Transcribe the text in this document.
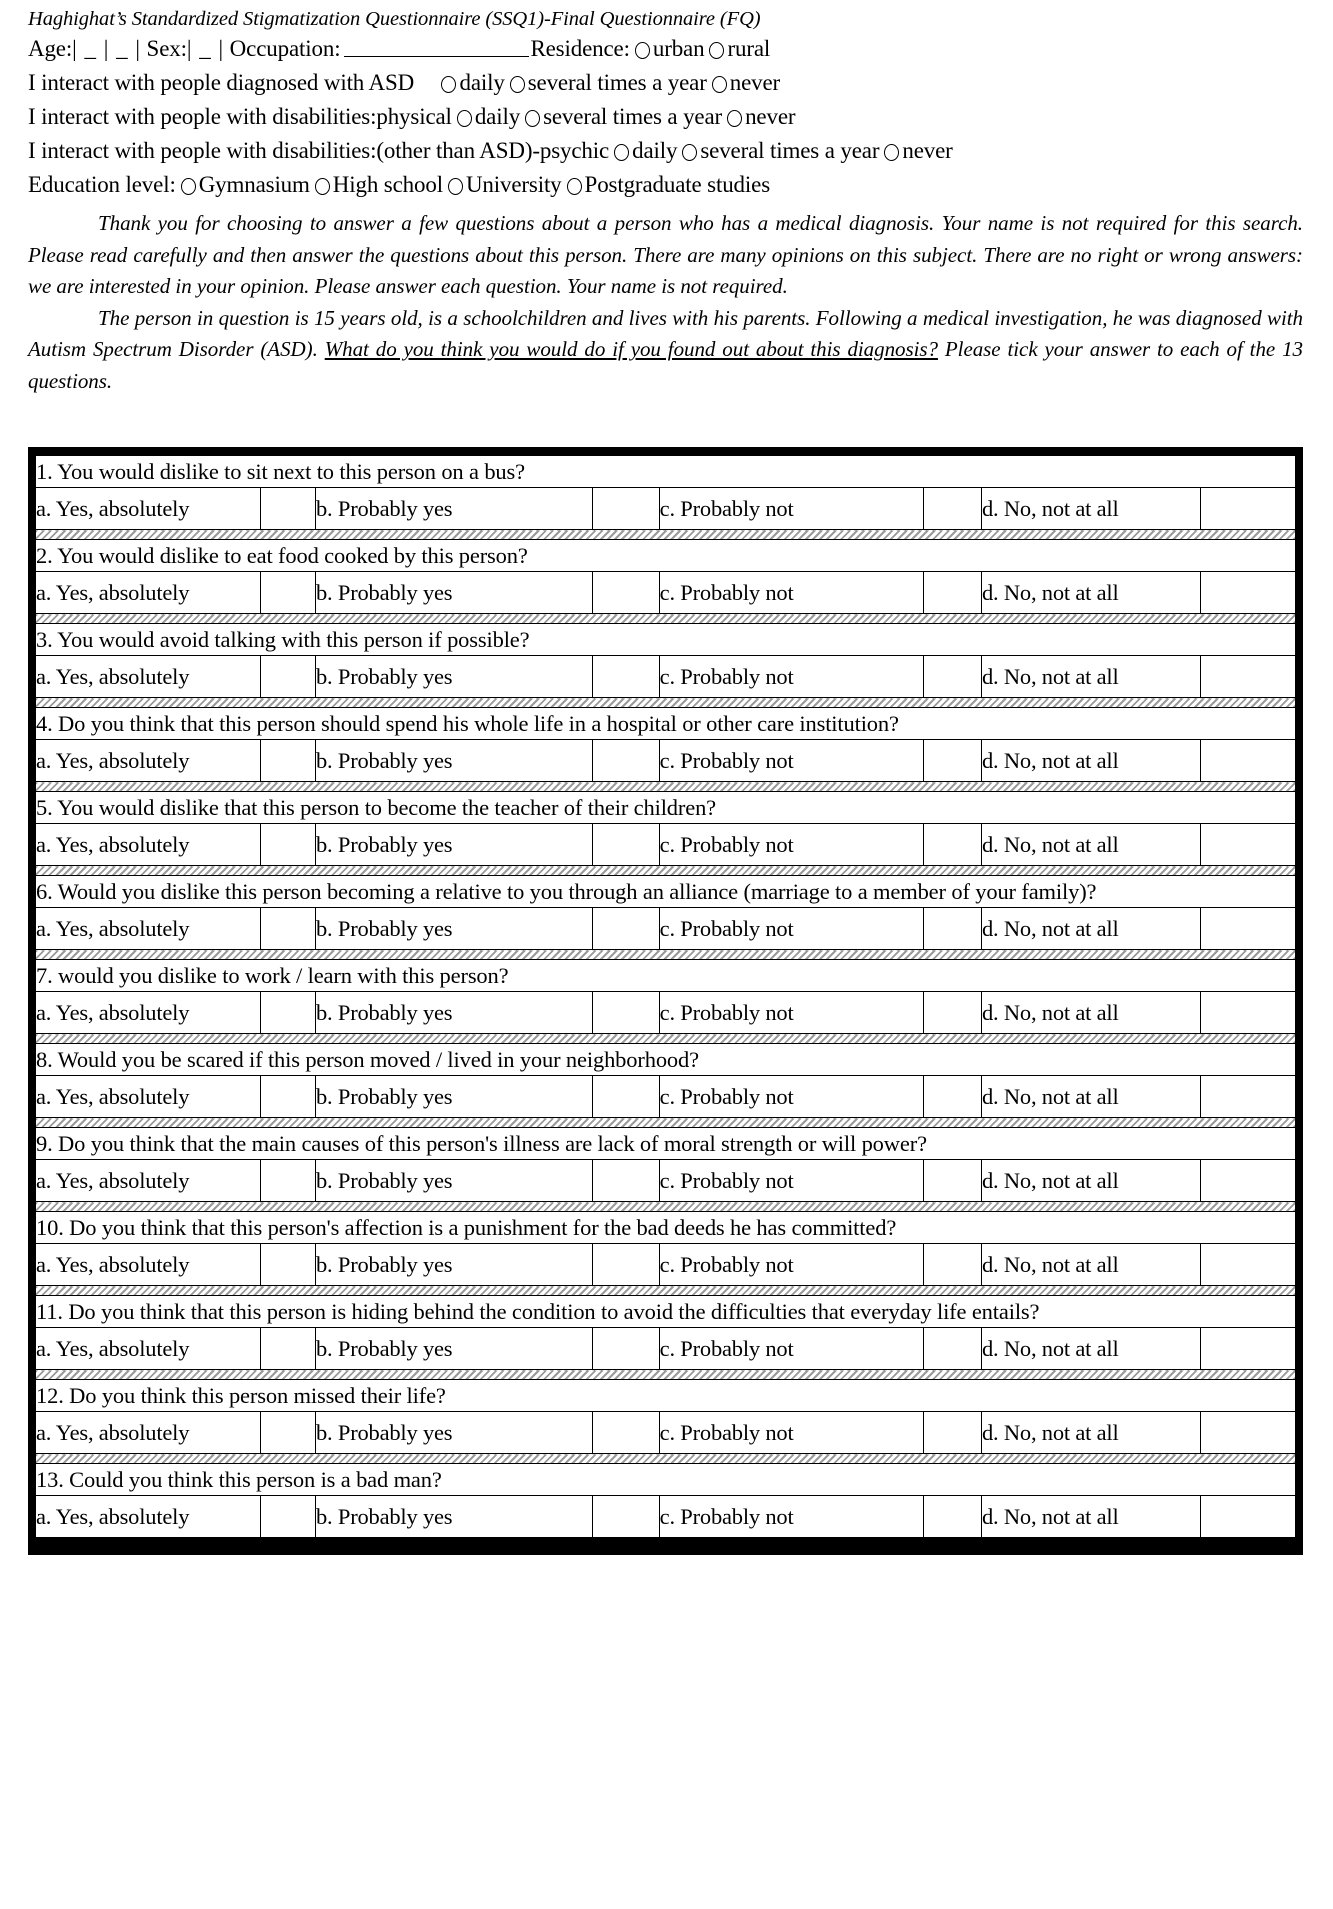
Haghighat’s Standardized Stigmatization Questionnaire (SSQ1)-Final Questionnaire (FQ)
Age:| _ | _ | Sex:| _ | Occupation:	Residence: urban rural
I interact with people diagnosed with ASD daily several times a year never
I interact with people with disabilities:physical daily several times a year never
I interact with people with disabilities:(other than ASD)-psychic daily several times a year never
Education level: Gymnasium High school University Postgraduate studies

Thank you for choosing to answer a few questions about a person who has a medical diagnosis. Your name is not required for this search. Please read carefully and then answer the questions about this person. There are many opinions on this subject. There are no right or wrong answers: we are interested in your opinion. Please answer each question. Your name is not required.

The person in question is 15 years old, is a schoolchildren and lives with his parents. Following a medical investigation, he was diagnosed with Autism Spectrum Disorder (ASD). What do you think you would do if you found out about this diagnosis? Please tick your answer to each of the 13 questions.

1. You would dislike to sit next to this person on a bus?							
a. Yes, absolutely		b. Probably yes		c. Probably not		d. No, not at all	

2. You would dislike to eat food cooked by this person?							
a. Yes, absolutely		b. Probably yes		c. Probably not		d. No, not at all	

3. You would avoid talking with this person if possible?							
a. Yes, absolutely		b. Probably yes		c. Probably not		d. No, not at all	

4. Do you think that this person should spend his whole life in a hospital or other care institution?							
a. Yes, absolutely		b. Probably yes		c. Probably not		d. No, not at all	

5. You would dislike that this person to become the teacher of their children?							
a. Yes, absolutely		b. Probably yes		c. Probably not		d. No, not at all	

6. Would you dislike this person becoming a relative to you through an alliance (marriage to a member of your family)?							
a. Yes, absolutely		b. Probably yes		c. Probably not		d. No, not at all	

7. would you dislike to work / learn with this person?							
a. Yes, absolutely		b. Probably yes		c. Probably not		d. No, not at all	

8. Would you be scared if this person moved / lived in your neighborhood?							
a. Yes, absolutely		b. Probably yes		c. Probably not		d. No, not at all	

9. Do you think that the main causes of this person's illness are lack of moral strength or will power?							
a. Yes, absolutely		b. Probably yes		c. Probably not		d. No, not at all	

10. Do you think that this person's affection is a punishment for the bad deeds he has committed?							
a. Yes, absolutely		b. Probably yes		c. Probably not		d. No, not at all	

11. Do you think that this person is hiding behind the condition to avoid the difficulties that everyday life entails?							
a. Yes, absolutely		b. Probably yes		c. Probably not		d. No, not at all	

12. Do you think this person missed their life?							
a. Yes, absolutely		b. Probably yes		c. Probably not		d. No, not at all	

13. Could you think this person is a bad man?							
a. Yes, absolutely		b. Probably yes		c. Probably not		d. No, not at all	
